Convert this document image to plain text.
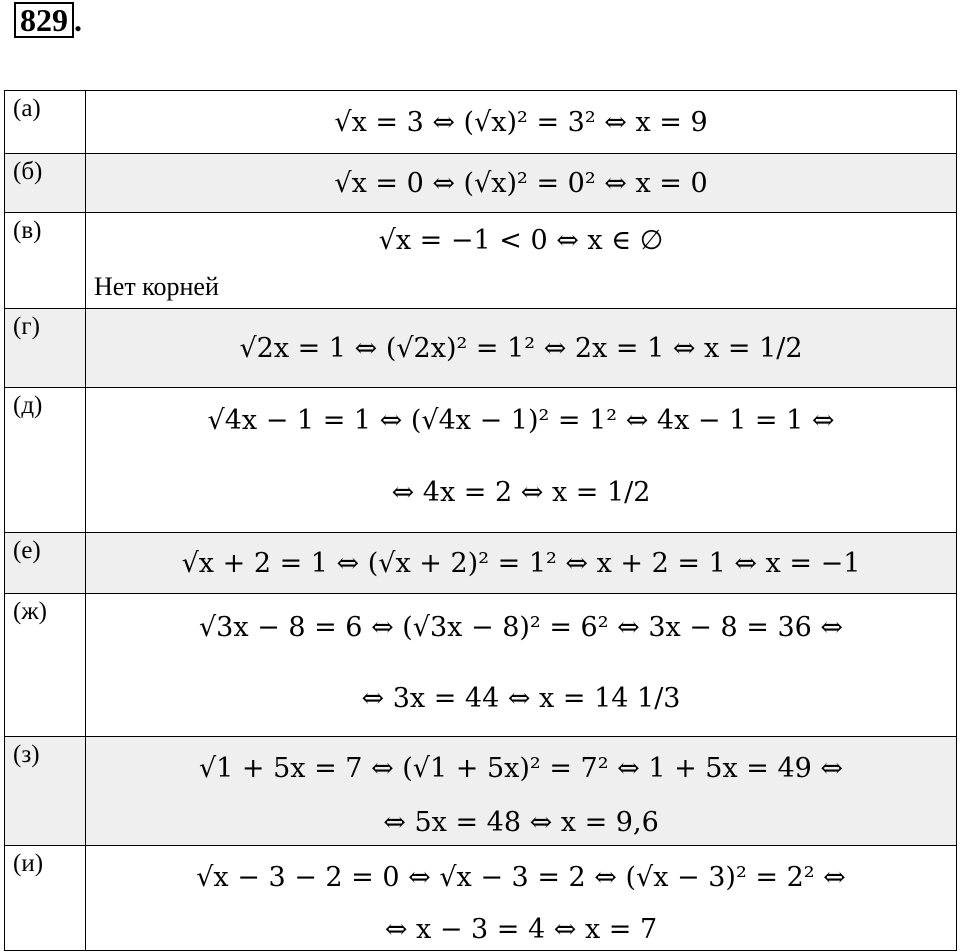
829 .
(а)	√x = 3 ⇔ (√x)² = 3² ⇔ x = 9

(б)	√x = 0 ⇔ (√x)² = 0² ⇔ x = 0

(в)	√x = −1 < 0 ⇔ x ∈ ∅
Нет корней

(г)	√2x = 1 ⇔ (√2x)² = 1² ⇔ 2x = 1 ⇔ x = 1/2

(д)	√4x − 1 = 1 ⇔ (√4x − 1)² = 1² ⇔ 4x − 1 = 1 ⇔
⇔ 4x = 2 ⇔ x = 1/2

(е)	√x + 2 = 1 ⇔ (√x + 2)² = 1² ⇔ x + 2 = 1 ⇔ x = −1

(ж)	√3x − 8 = 6 ⇔ (√3x − 8)² = 6² ⇔ 3x − 8 = 36 ⇔
⇔ 3x = 44 ⇔ x = 14 1/3

(з)	√1 + 5x = 7 ⇔ (√1 + 5x)² = 7² ⇔ 1 + 5x = 49 ⇔
⇔ 5x = 48 ⇔ x = 9,6

(и)	√x − 3 − 2 = 0 ⇔ √x − 3 = 2 ⇔ (√x − 3)² = 2² ⇔
⇔ x − 3 = 4 ⇔ x = 7
